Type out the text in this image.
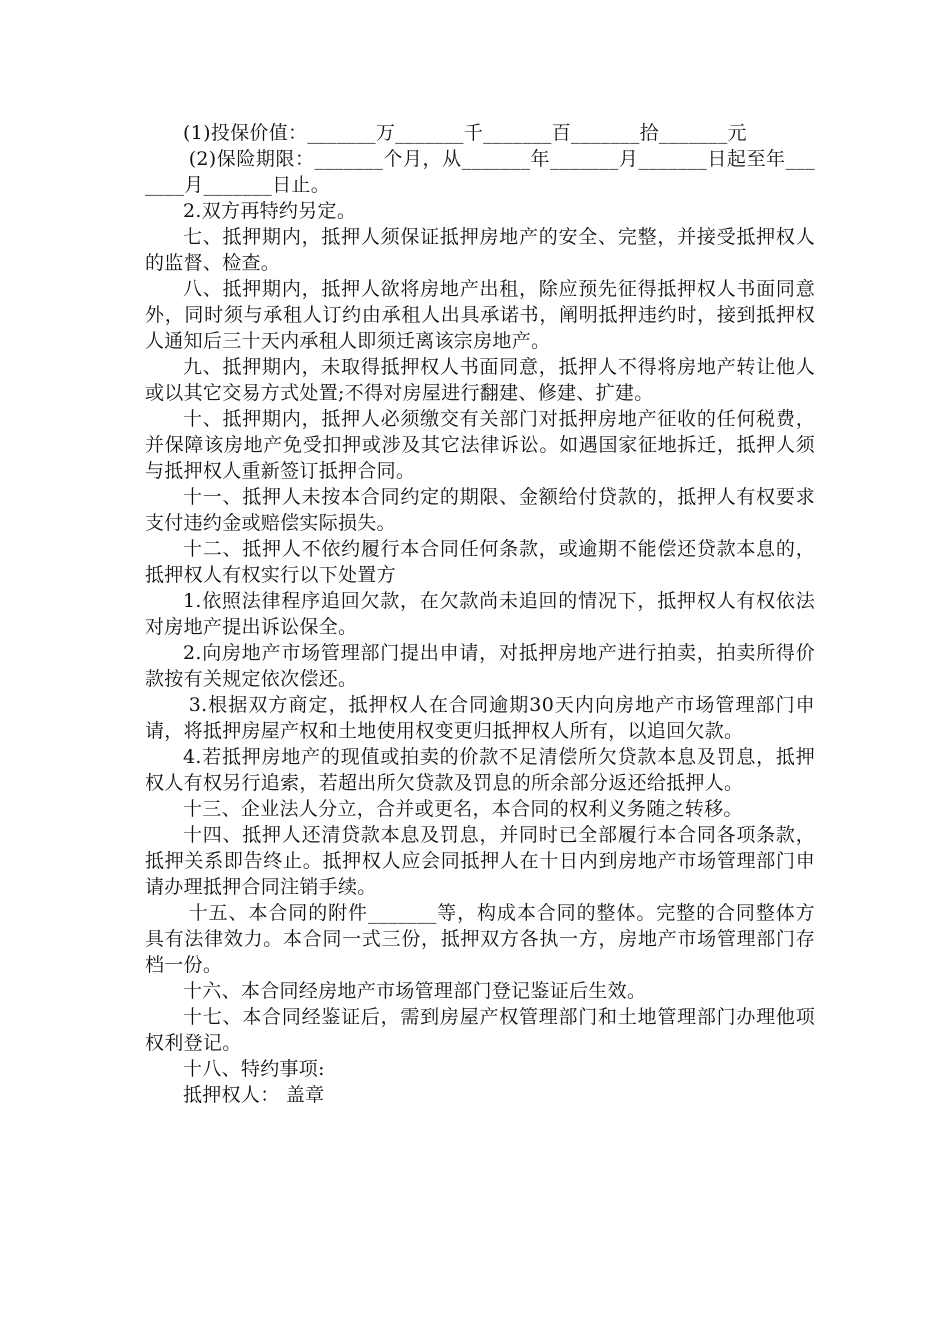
(1)投保价值：_______万_______千_______百_______拾_______元

(2)保险期限：_______个月，从_______年_______月_______日起至年_______月_______日止。

2.双方再特约另定。

七、抵押期内，抵押人须保证抵押房地产的安全、完整，并接受抵押权人的监督、检查。

八、抵押期内，抵押人欲将房地产出租，除应预先征得抵押权人书面同意外，同时须与承租人订约由承租人出具承诺书，阐明抵押违约时，接到抵押权人通知后三十天内承租人即须迁离该宗房地产。

九、抵押期内，未取得抵押权人书面同意，抵押人不得将房地产转让他人或以其它交易方式处置;不得对房屋进行翻建、修建、扩建。

十、抵押期内，抵押人必须缴交有关部门对抵押房地产征收的任何税费，并保障该房地产免受扣押或涉及其它法律诉讼。如遇国家征地拆迁，抵押人须与抵押权人重新签订抵押合同。

十一、抵押人未按本合同约定的期限、金额给付贷款的，抵押人有权要求支付违约金或赔偿实际损失。

十二、抵押人不依约履行本合同任何条款，或逾期不能偿还贷款本息的，抵押权人有权实行以下处置方

1.依照法律程序追回欠款，在欠款尚未追回的情况下，抵押权人有权依法对房地产提出诉讼保全。

2.向房地产市场管理部门提出申请，对抵押房地产进行拍卖，拍卖所得价款按有关规定依次偿还。

3.根据双方商定，抵押权人在合同逾期30天内向房地产市场管理部门申请，将抵押房屋产权和土地使用权变更归抵押权人所有，以追回欠款。

4.若抵押房地产的现值或拍卖的价款不足清偿所欠贷款本息及罚息，抵押权人有权另行追索，若超出所欠贷款及罚息的所余部分返还给抵押人。

十三、企业法人分立，合并或更名，本合同的权利义务随之转移。

十四、抵押人还清贷款本息及罚息，并同时已全部履行本合同各项条款，抵押关系即告终止。抵押权人应会同抵押人在十日内到房地产市场管理部门申请办理抵押合同注销手续。

十五、本合同的附件_______等，构成本合同的整体。完整的合同整体方具有法律效力。本合同一式三份，抵押双方各执一方，房地产市场管理部门存档一份。

十六、本合同经房地产市场管理部门登记鉴证后生效。

十七、本合同经鉴证后，需到房屋产权管理部门和土地管理部门办理他项权利登记。

十八、特约事项:

抵押权人： 盖章
